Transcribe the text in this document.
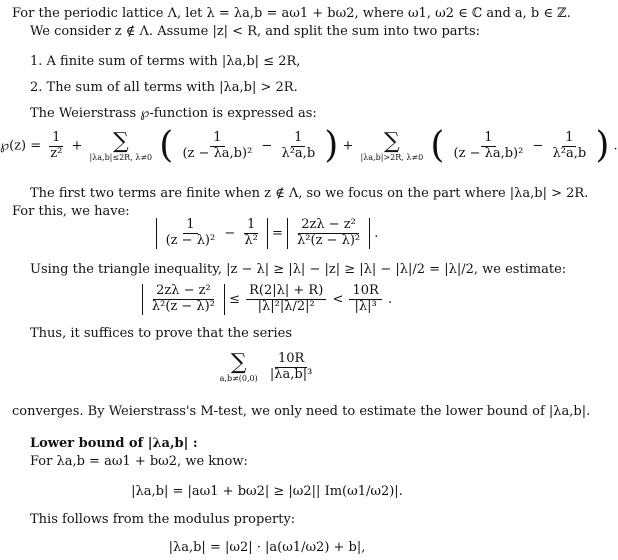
For the periodic lattice Λ, let λ = λa,b = aω1 + bω2, where ω1, ω2 ∈ ℂ and a, b ∈ ℤ.
We consider z ∉ Λ. Assume |z| < R, and split the sum into two parts:
1. A finite sum of terms with |λa,b| ≤ 2R,
2. The sum of all terms with |λa,b| > 2R.
The Weierstrass ℘-function is expressed as:
℘(z) = $\frac{1}{\text{z²}}$ + ∑
|λa,b|≤2R, λ≠0 ( $\frac{1}{\text{(z − λa,b)²}} - \frac{1}{\text{λ²a,b}}$ ) + ∑
|λa,b|>2R, λ≠0 ( $\frac{1}{\text{(z − λa,b)²}} - \frac{1}{\text{λ²a,b}}$ ) .
The first two terms are finite when z ∉ Λ, so we focus on the part where |λa,b| > 2R.
For this, we have:
$\frac{1}{\text{(z − λ)²}} - \frac{1}{\text{λ²}} = \frac{\text{2zλ − z²}}{\text{λ²(z − λ)²}}$ .
Using the triangle inequality, |z − λ| ≥ |λ| − |z| ≥ |λ| − |λ|/2 = |λ|/2, we estimate:
$\frac{\text{2zλ − z²}}{\text{λ²(z − λ)²}} \le \frac{R(2|\lambda| + R)}{\text{|λ|²|λ/2|²}} < \frac{10R}{\text{|λ|³}}$ .
Thus, it suffices to prove that the series
∑
a,b≠(0,0)
$\frac{10R}{\text{|λa,b|³}}$
converges. By Weierstrass's M-test, we only need to estimate the lower bound of |λa,b|.
Lower bound of |λa,b| :
For λa,b = aω1 + bω2, we know:
|λa,b| = |aω1 + bω2| ≥ |ω2|| Im(ω1/ω2)|.
This follows from the modulus property:
|λa,b| = |ω2| · |a(ω1/ω2) + b|,
